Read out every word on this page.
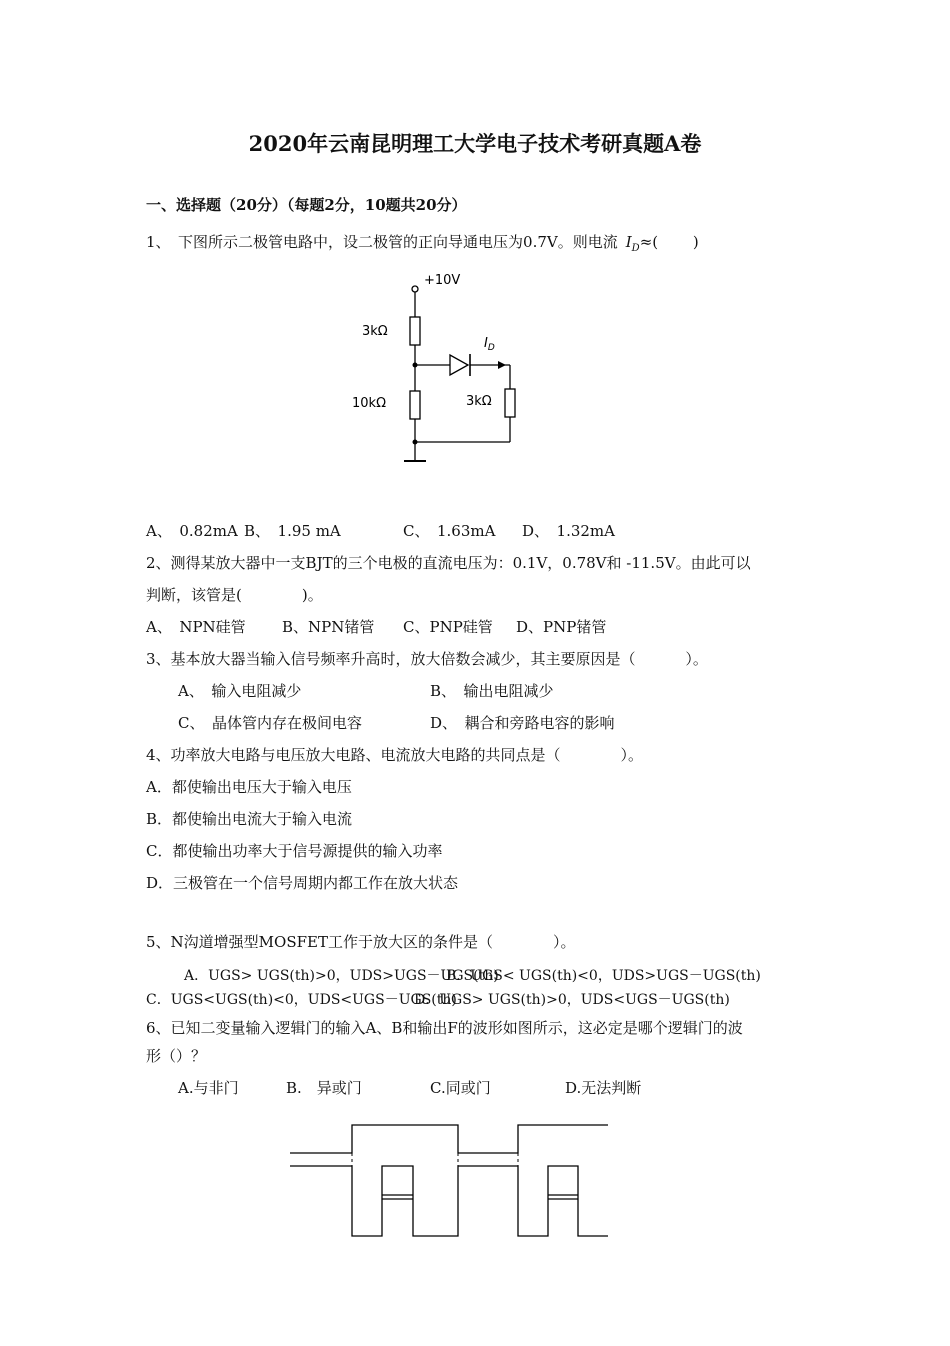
2020年云南昆明理工大学电子技术考研真题A卷
一、选择题（20分）（每题2分，10题共20分）
1、　下图所示二极管电路中，设二极管的正向导通电压为0.7V。则电流 $I_D\approx$(　　 )
+10V
3kΩ
10kΩ
$I_D$
3kΩ
A、　0.82mA B、　1.95 mA	C、　1.63mA D、　1.32mA
2、测得某放大器中一支BJT的三个电极的直流电压为：0.1V，0.78V和 -11.5V。由此可以
判断，该管是(　　　　)。
A、　NPN硅管 B、NPN锗管 C、PNP硅管 D、PNP锗管
3、基本放大器当输入信号频率升高时，放大倍数会减少，其主要原因是（　　　 ）。
A、　输入电阻减少	B、　输出电阻减少
C、　晶体管内存在极间电容	D、　耦合和旁路电容的影响
4、功率放大电路与电压放大电路、电流放大电路的共同点是（　　　　）。
A．都使输出电压大于输入电压
B．都使输出电流大于输入电流
C．都使输出功率大于信号源提供的输入功率
D．三极管在一个信号周期内都工作在放大状态
5、N沟道增强型MOSFET工作于放大区的条件是（　　　　）。
A．UGS> UGS(th)>0，UDS>UGS－UGS(th)
B．UGS< UGS(th)<0，UDS>UGS－UGS(th)
C．UGS<UGS(th)<0，UDS<UGS－UGS(th)
D．UGS> UGS(th)>0，UDS<UGS－UGS(th)
6、已知二变量输入逻辑门的输入A、B和输出F的波形如图所示，这必定是哪个逻辑门的波
形（）？
A.与非门	B.　异或门	C.同或门	D.无法判断
